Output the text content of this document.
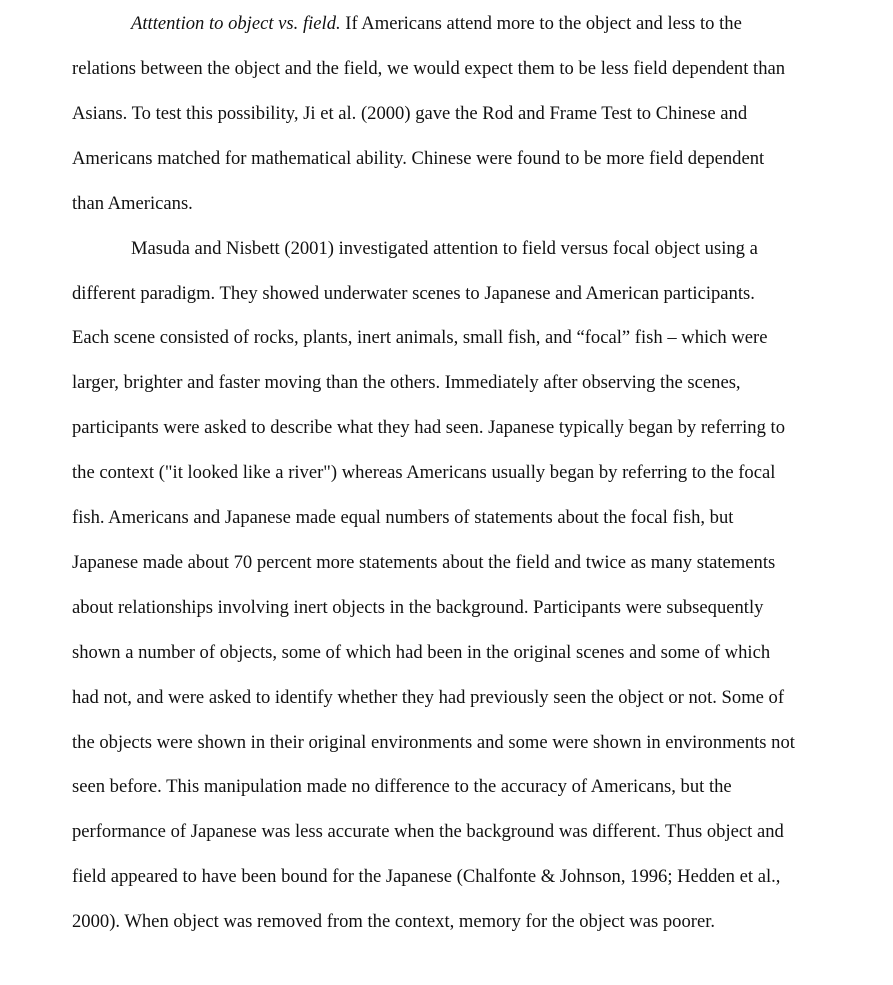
Atttention to object vs. field. If Americans attend more to the object and less to the

relations between the object and the field, we would expect them to be less field dependent than

Asians. To test this possibility, Ji et al. (2000) gave the Rod and Frame Test to Chinese and

Americans matched for mathematical ability. Chinese were found to be more field dependent

than Americans.

Masuda and Nisbett (2001) investigated attention to field versus focal object using a

different paradigm. They showed underwater scenes to Japanese and American participants.

Each scene consisted of rocks, plants, inert animals, small fish, and “focal” fish – which were

larger, brighter and faster moving than the others. Immediately after observing the scenes,

participants were asked to describe what they had seen. Japanese typically began by referring to

the context ("it looked like a river") whereas Americans usually began by referring to the focal

fish. Americans and Japanese made equal numbers of statements about the focal fish, but

Japanese made about 70 percent more statements about the field and twice as many statements

about relationships involving inert objects in the background. Participants were subsequently

shown a number of objects, some of which had been in the original scenes and some of which

had not, and were asked to identify whether they had previously seen the object or not. Some of

the objects were shown in their original environments and some were shown in environments not

seen before. This manipulation made no difference to the accuracy of Americans, but the

performance of Japanese was less accurate when the background was different. Thus object and

field appeared to have been bound for the Japanese (Chalfonte & Johnson, 1996; Hedden et al.,

2000). When object was removed from the context, memory for the object was poorer.
